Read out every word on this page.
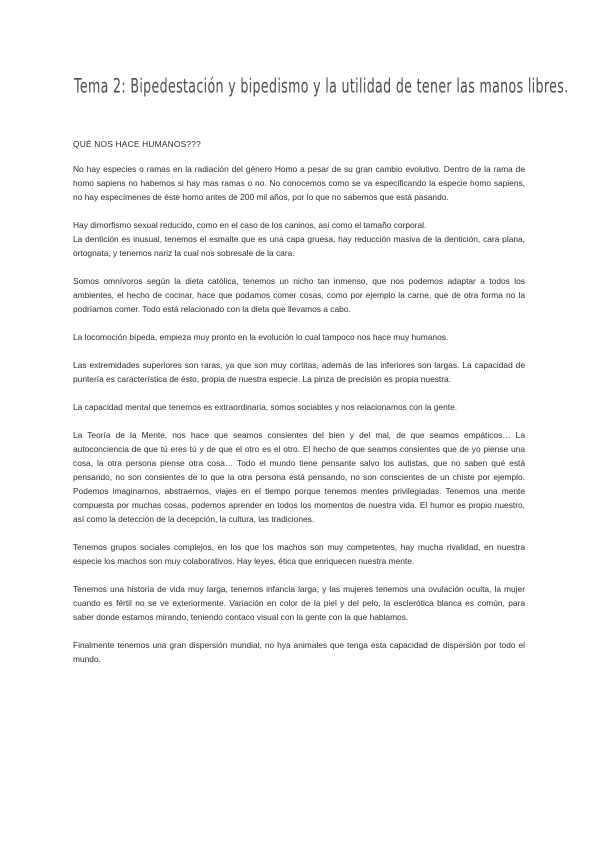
Tema 2: Bipedestación y bipedismo y la utilidad de tener las manos libres.

QUÉ NOS HACE HUMANOS???

No hay especies o ramas en la radiación del género Homo a pesar de su gran cambio evolutivo. Dentro de la rama de homo sapiens no habemos si hay mas ramas o no. No conocemos como se va especificando la especie homo sapiens, no hay especímenes de éste homo antes de 200 mil años, por lo que no sabemos que está pasando.

Hay dimorfismo sexual reducido, como en el caso de los caninos, así como el tamaño corporal.

La dentición es inusual, tenemos el esmalte que es una capa gruesa, hay reducción masiva de la dentición, cara plana, ortognata, y tenemos nariz la cual nos sobresale de la cara.

Somos omnívoros según la dieta católica, tenemos un nicho tan inmenso, que nos podemos adaptar a todos los ambientes, el hecho de cocinar, hace que podamos comer cosas, como por ejemplo la carne, que de otra forma no la podríamos comer. Todo está relacionado con la dieta que llevamos a cabo.

La locomoción bípeda, empieza muy pronto en la evolución lo cual tampoco nos hace muy humanos.

Las extremidades superiores son raras, ya que son muy cortitas, además de las inferiores son largas. La capacidad de puntería es característica de ésto, propia de nuestra especie. La pinza de precisión es propia nuestra.

La capacidad mental que tenemos es extraordinaria, somos sociables y nos relacionamos con la gente.

La Teoría de la Mente, nos hace que seamos consientes del bien y del mal, de que seamos empáticos… La autoconciencia de que tú eres tú y de que el otro es el otro. El hecho de que seamos consientes que de yo piense una cosa, la otra persona piense otra cosa… Todo el mundo tiene pensante salvo los autistas, que no saben qué está pensando, no son consientes de lo que la otra persona está pensando, no son conscientes de un chiste por ejemplo. Podemos imaginarnos, abstraernos, viajes en el tiempo porque tenemos mentes privilegiadas. Tenemos una mente compuesta por muchas cosas, podemos aprender en todos los momentos de nuestra vida. El humor es propio nuestro, así como la detección de la decepción, la cultura, las tradiciones.

Tenemos grupos sociales complejos, en los que los machos son muy competentes, hay mucha rivalidad, en nuestra especie los machos son muy colaborativos. Hay leyes, ética que enriquecen nuestra mente.

Tenemos una historia de vida muy larga, tenemos infancia larga, y las mujeres tenemos una ovulación oculta, la mujer cuando es fértil no se ve exteriormente. Variación en color de la piel y del pelo, la esclerótica blanca es común, para saber donde estamos mirando, teniendo contaco visual con la gente con la que hablamos.

Finalmente tenemos una gran dispersión mundial, no hya animales que tenga esta capacidad de dispersión por todo el mundo.
